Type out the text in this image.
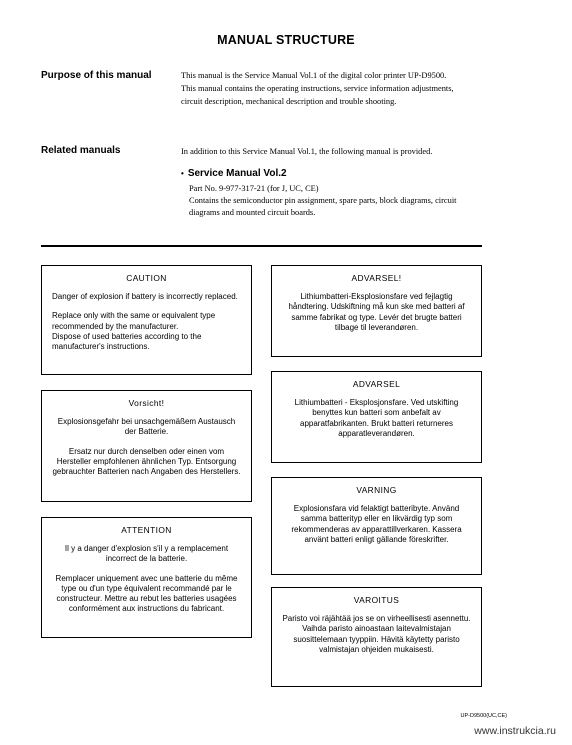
MANUAL STRUCTURE
Purpose of this manual	This manual is the Service Manual Vol.1 of the digital color printer UP-D9500.

This manual contains the operating instructions, service information adjustments,

circuit description, mechanical description and trouble shooting.

Related manuals	In addition to this Service Manual Vol.1, the following manual is provided.
• Service Manual Vol.2

Part No. 9-977-317-21 (for J, UC, CE)

Contains the semiconductor pin assignment, spare parts, block diagrams, circuit

diagrams and mounted circuit boards.

CAUTION

Danger of explosion if battery is incorrectly replaced.

Replace only with the same or equivalent type recommended by the manufacturer.

Dispose of used batteries according to the manufacturer's instructions.

Vorsicht!

Explosionsgefahr bei unsachgemäßem Austausch der Batterie.

Ersatz nur durch denselben oder einen vom Hersteller empfohlenen ähnlichen Typ. Entsorgung gebrauchter Batterien nach Angaben des Herstellers.

ATTENTION

Il y a danger d'explosion s'il y a remplacement incorrect de la batterie.

Remplacer uniquement avec une batterie du même type ou d'un type équivalent recommandé par le constructeur. Mettre au rebut les batteries usagées conformément aux instructions du fabricant.

ADVARSEL!

Lithiumbatteri-Eksplosionsfare ved fejlagtig håndtering. Udskiftning må kun ske med batteri af samme fabrikat og type. Levér det brugte batteri tilbage til leverandøren.

ADVARSEL

Lithiumbatteri - Eksplosjonsfare. Ved utskifting benyttes kun batteri som anbefalt av apparatfabrikanten. Brukt batteri returneres apparatleverandøren.

VARNING

Explosionsfara vid felaktigt batteribyte. Använd samma batterityp eller en likvärdig typ som rekommenderas av apparattillverkaren. Kassera använt batteri enligt gällande föreskrifter.

VAROITUS

Paristo voi räjähtää jos se on virheellisesti asennettu. Vaihda paristo ainoastaan laitevalmistajan suosittelemaan tyyppiin. Hävitä käytetty paristo valmistajan ohjeiden mukaisesti.

UP-D9500(UC,CE)
www.instrukcia.ru
